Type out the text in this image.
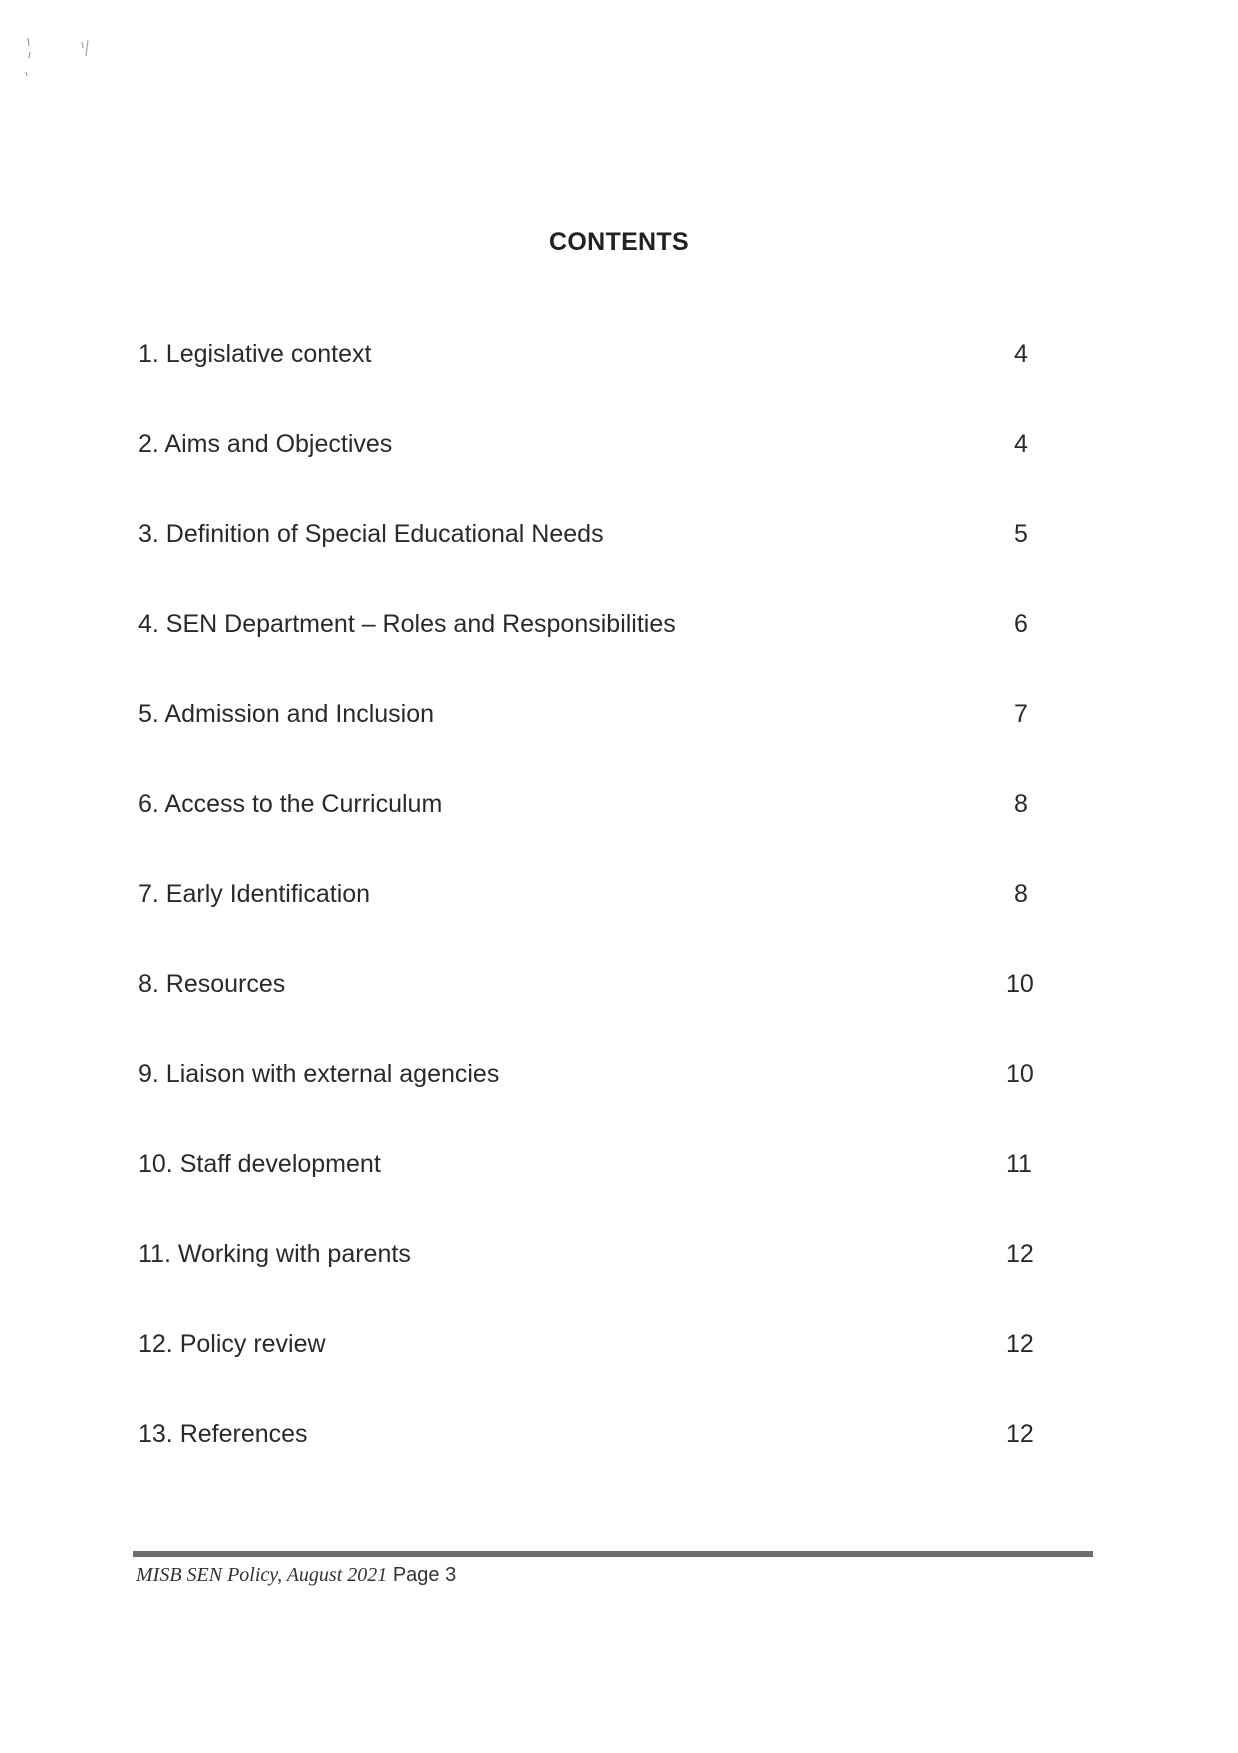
CONTENTS
1. Legislative context	4
2. Aims and Objectives	4
3. Definition of Special Educational Needs	5
4. SEN Department – Roles and Responsibilities	6
5. Admission and Inclusion	7
6. Access to the Curriculum	8
7. Early Identification	8
8. Resources	10
9. Liaison with external agencies	10
10. Staff development	11
11. Working with parents	12
12. Policy review	12
13. References	12
MISB SEN Policy, August 2021 Page 3
